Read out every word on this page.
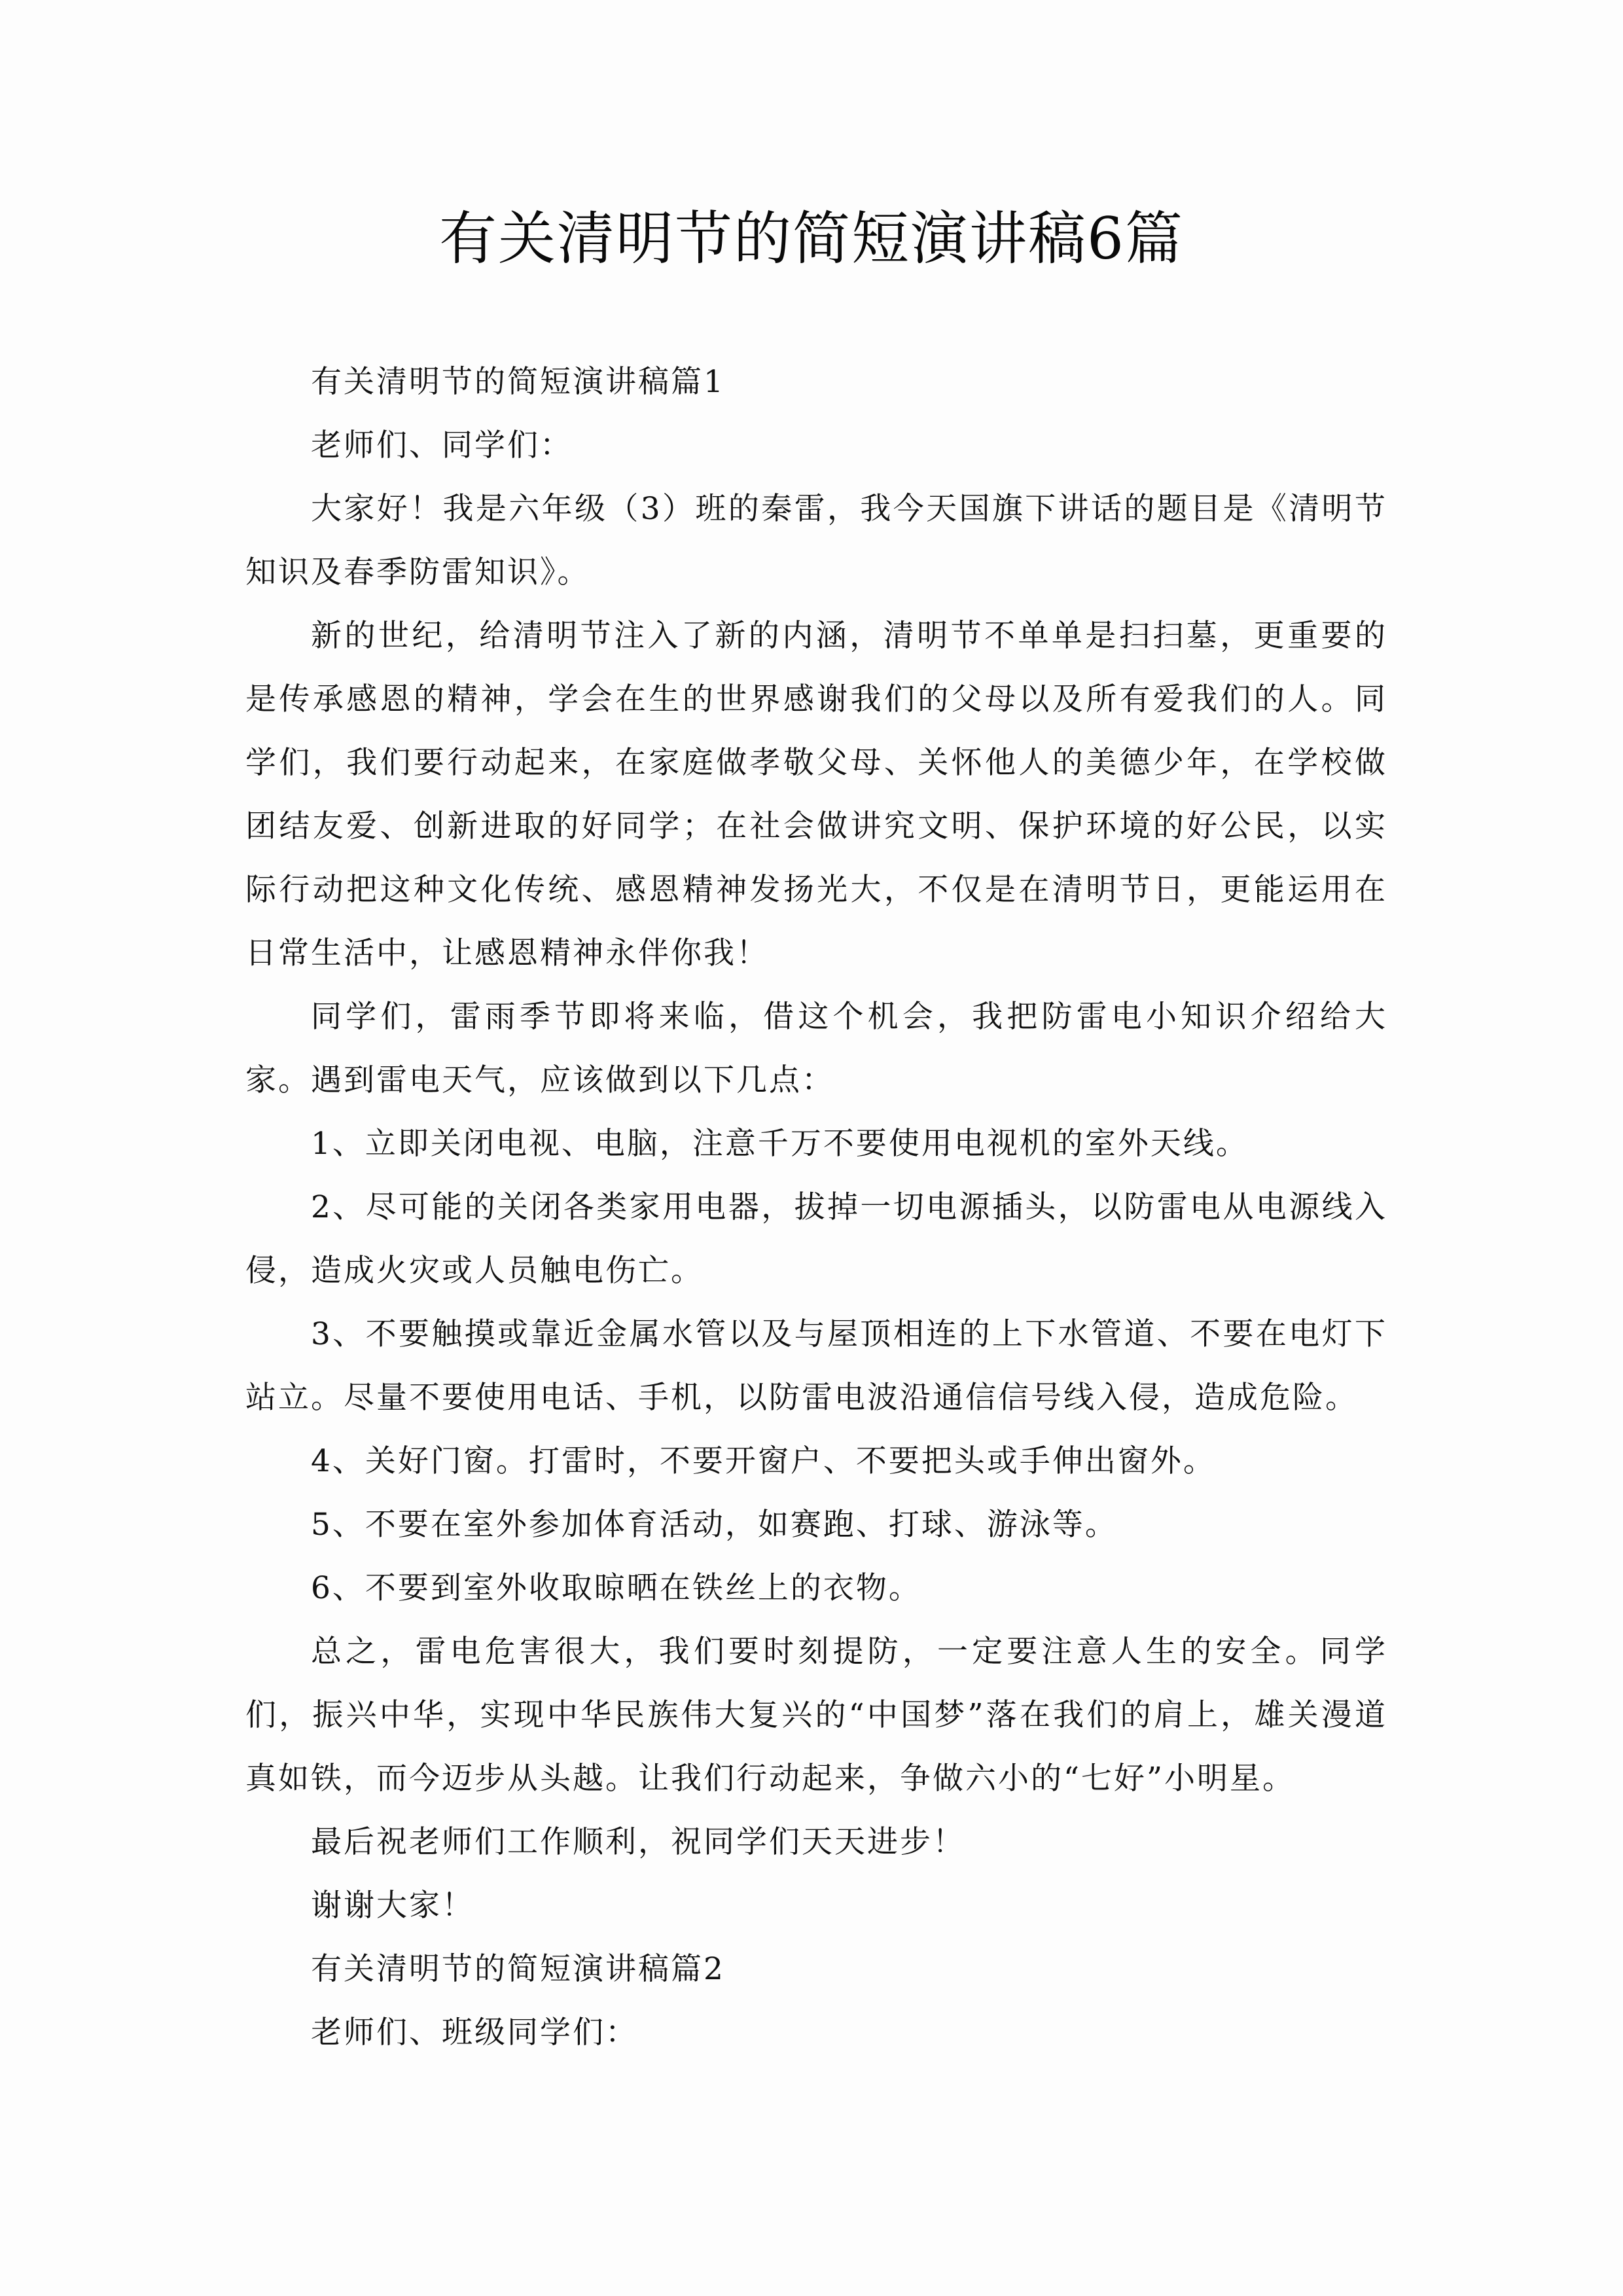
有关清明节的简短演讲稿6篇

有关清明节的简短演讲稿篇1

老师们、同学们：

大家好！我是六年级（3）班的秦雷，我今天国旗下讲话的题目是《清明节知识及春季防雷知识》。

新的世纪，给清明节注入了新的内涵，清明节不单单是扫扫墓，更重要的是传承感恩的精神，学会在生的世界感谢我们的父母以及所有爱我们的人。同学们，我们要行动起来，在家庭做孝敬父母、关怀他人的美德少年，在学校做团结友爱、创新进取的好同学；在社会做讲究文明、保护环境的好公民，以实际行动把这种文化传统、感恩精神发扬光大，不仅是在清明节日，更能运用在日常生活中，让感恩精神永伴你我！

同学们，雷雨季节即将来临，借这个机会，我把防雷电小知识介绍给大家。遇到雷电天气，应该做到以下几点：

1、立即关闭电视、电脑，注意千万不要使用电视机的室外天线。

2、尽可能的关闭各类家用电器，拔掉一切电源插头，以防雷电从电源线入侵，造成火灾或人员触电伤亡。

3、不要触摸或靠近金属水管以及与屋顶相连的上下水管道、不要在电灯下站立。尽量不要使用电话、手机，以防雷电波沿通信信号线入侵，造成危险。

4、关好门窗。打雷时，不要开窗户、不要把头或手伸出窗外。

5、不要在室外参加体育活动，如赛跑、打球、游泳等。

6、不要到室外收取晾晒在铁丝上的衣物。

总之，雷电危害很大，我们要时刻提防，一定要注意人生的安全。同学们，振兴中华，实现中华民族伟大复兴的“中国梦”落在我们的肩上，雄关漫道真如铁，而今迈步从头越。让我们行动起来，争做六小的“七好”小明星。

最后祝老师们工作顺利，祝同学们天天进步！

谢谢大家！

有关清明节的简短演讲稿篇2

老师们、班级同学们：
